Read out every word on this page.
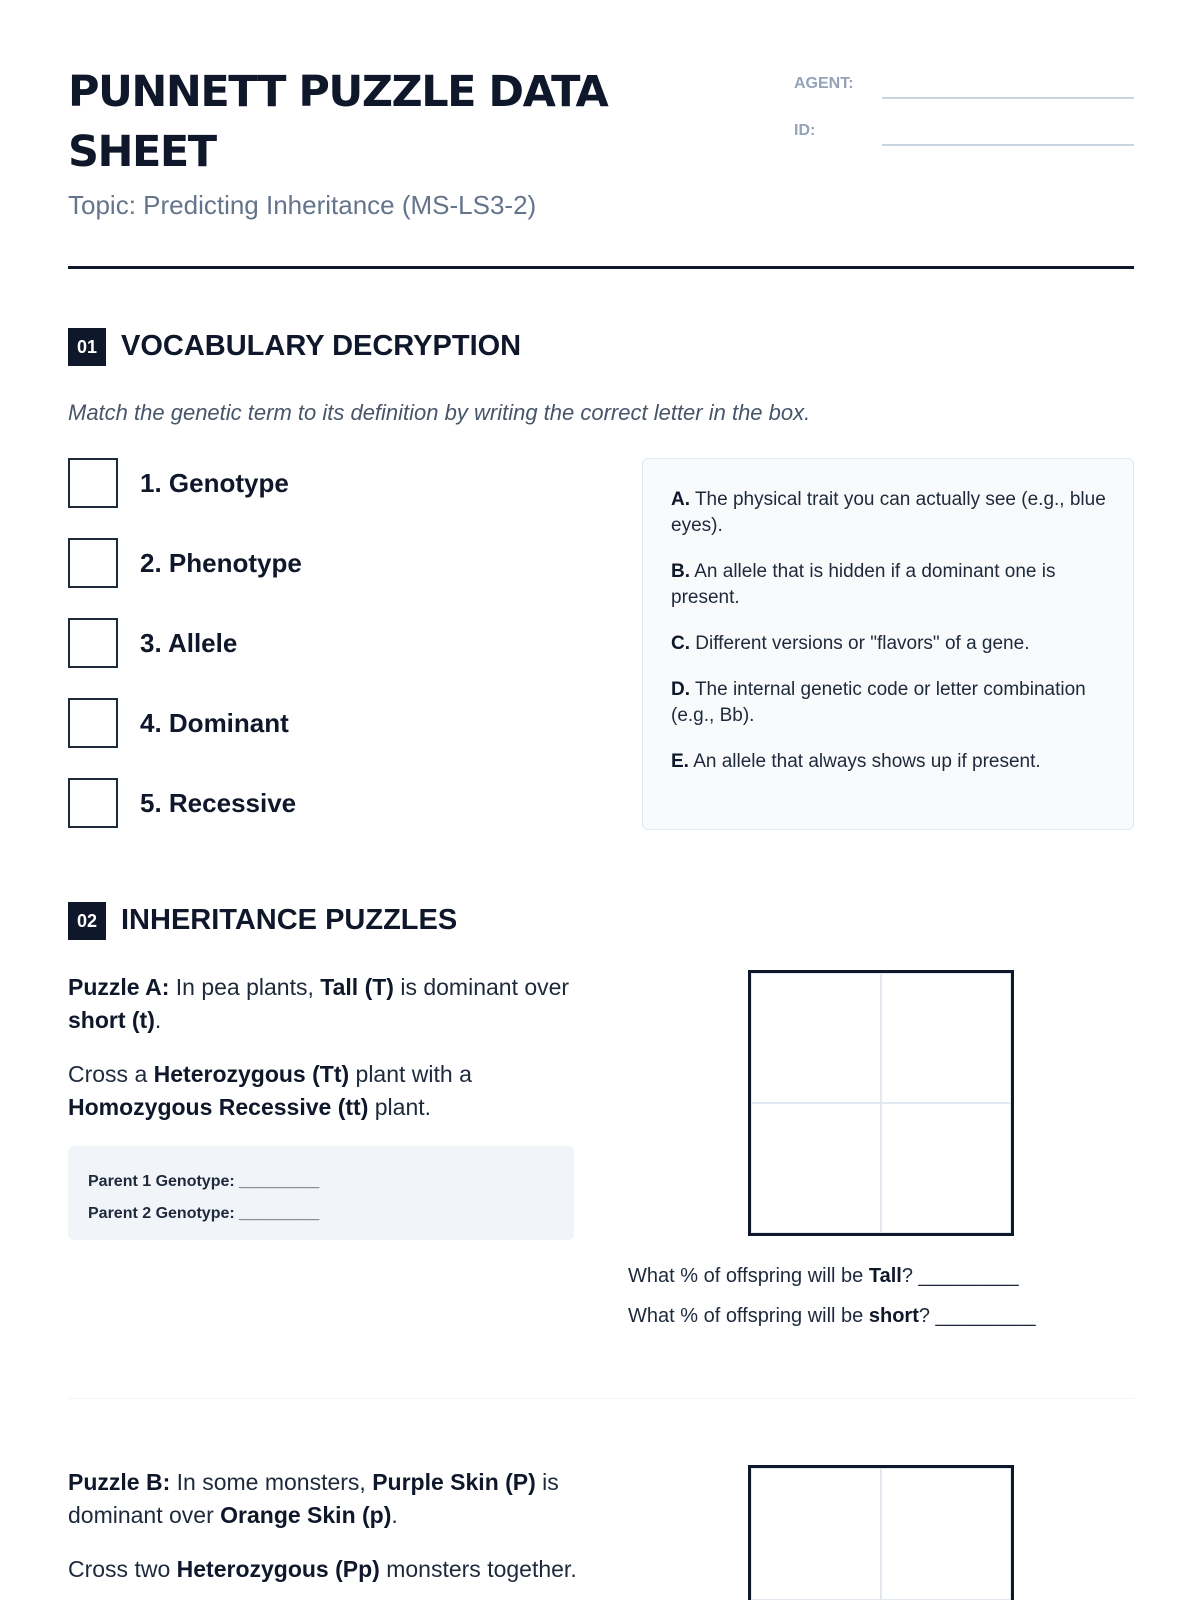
PUNNETT PUZZLE DATA SHEET
Topic: Predicting Inheritance (MS-LS3-2)
AGENT:
ID:
01 VOCABULARY DECRYPTION
Match the genetic term to its definition by writing the correct letter in the box.
1. Genotype
2. Phenotype
3. Allele
4. Dominant
5. Recessive

A. The physical trait you can actually see (e.g., blue eyes).

B. An allele that is hidden if a dominant one is present.

C. Different versions or "flavors" of a gene.

D. The internal genetic code or letter combination (e.g., Bb).

E. An allele that always shows up if present.

02 INHERITANCE PUZZLES
Puzzle A: In pea plants, Tall (T) is dominant over short (t).
Cross a Heterozygous (Tt) plant with a Homozygous Recessive (tt) plant.
Parent 1 Genotype: _________
Parent 2 Genotype: _________
What % of offspring will be Tall? _________
What % of offspring will be short? _________
Puzzle B: In some monsters, Purple Skin (P) is dominant over Orange Skin (p).
Cross two Heterozygous (Pp) monsters together.
